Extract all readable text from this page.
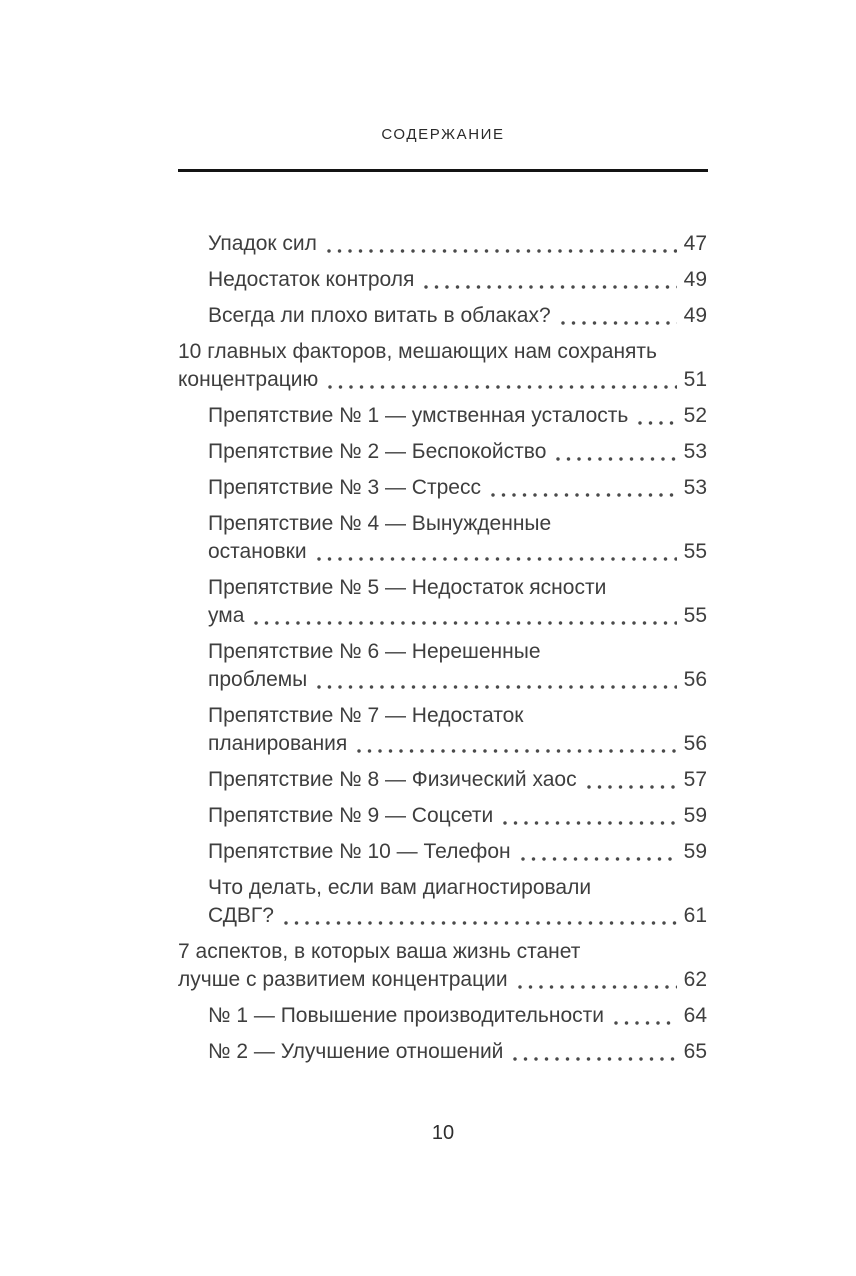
СОДЕРЖАНИЕ
Упадок сил	47
Недостаток контроля	49
Всегда ли плохо витать в облаках?	49
10 главных факторов, мешающих нам сохранять
концентрацию	51
Препятствие № 1 — умственная усталость	52
Препятствие № 2 — Беспокойство	53
Препятствие № 3 — Стресс	53
Препятствие № 4 — Вынужденные
остановки	55
Препятствие № 5 — Недостаток ясности
ума	55
Препятствие № 6 — Нерешенные
проблемы	56
Препятствие № 7 — Недостаток
планирования	56
Препятствие № 8 — Физический хаос	57
Препятствие № 9 — Соцсети	59
Препятствие № 10 — Телефон	59
Что делать, если вам диагностировали
СДВГ?	61
7 аспектов, в которых ваша жизнь станет
лучше с развитием концентрации	62
№ 1 — Повышение производительности	64
№ 2 — Улучшение отношений	65
10
